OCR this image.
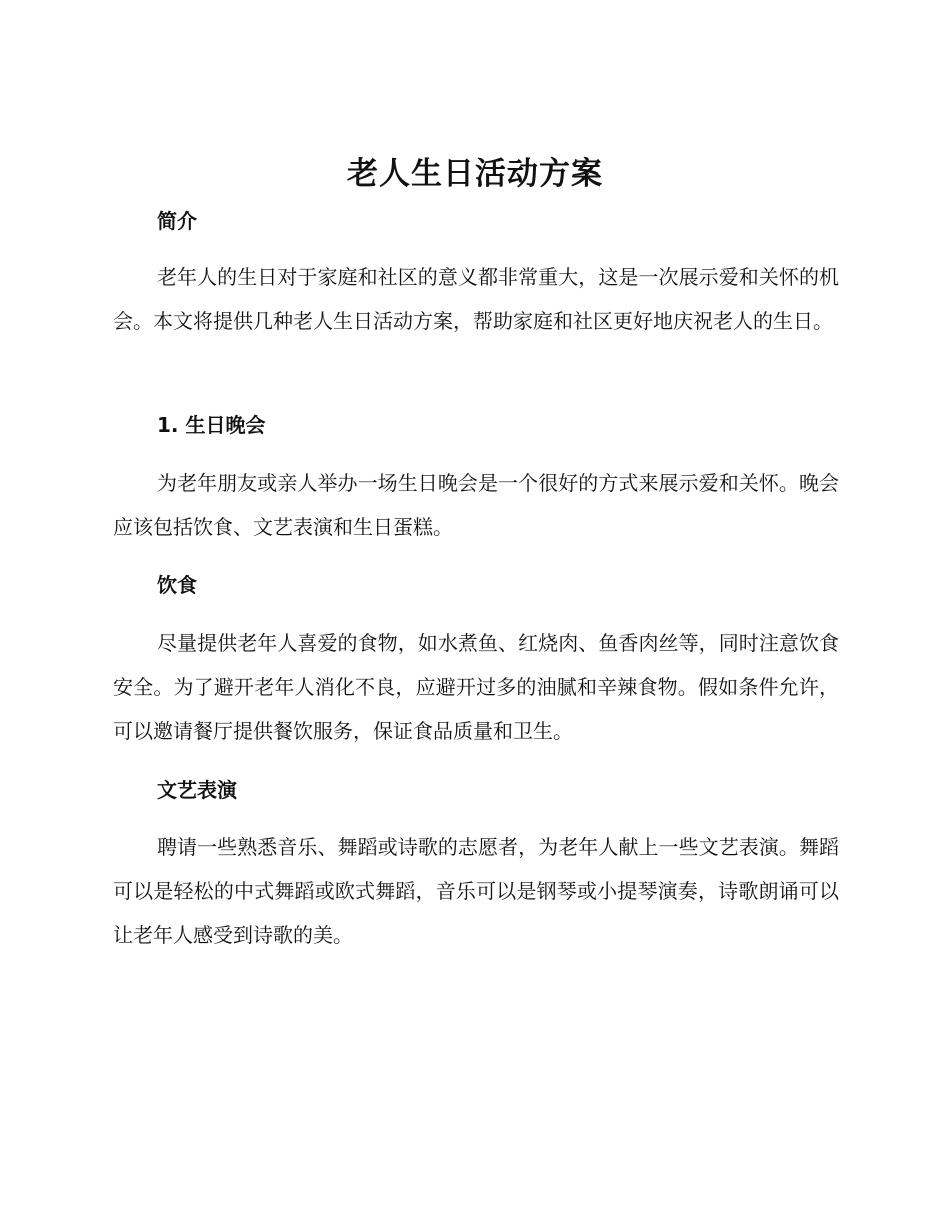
老人生日活动方案
简介

老年人的生日对于家庭和社区的意义都非常重大，这是一次展示爱和关怀的机会。本文将提供几种老人生日活动方案，帮助家庭和社区更好地庆祝老人的生日。

1. 生日晚会

为老年朋友或亲人举办一场生日晚会是一个很好的方式来展示爱和关怀。晚会应该包括饮食、文艺表演和生日蛋糕。

饮食

尽量提供老年人喜爱的食物，如水煮鱼、红烧肉、鱼香肉丝等，同时注意饮食安全。为了避开老年人消化不良，应避开过多的油腻和辛辣食物。假如条件允许，可以邀请餐厅提供餐饮服务，保证食品质量和卫生。

文艺表演

聘请一些熟悉音乐、舞蹈或诗歌的志愿者，为老年人献上一些文艺表演。舞蹈可以是轻松的中式舞蹈或欧式舞蹈，音乐可以是钢琴或小提琴演奏，诗歌朗诵可以让老年人感受到诗歌的美。
